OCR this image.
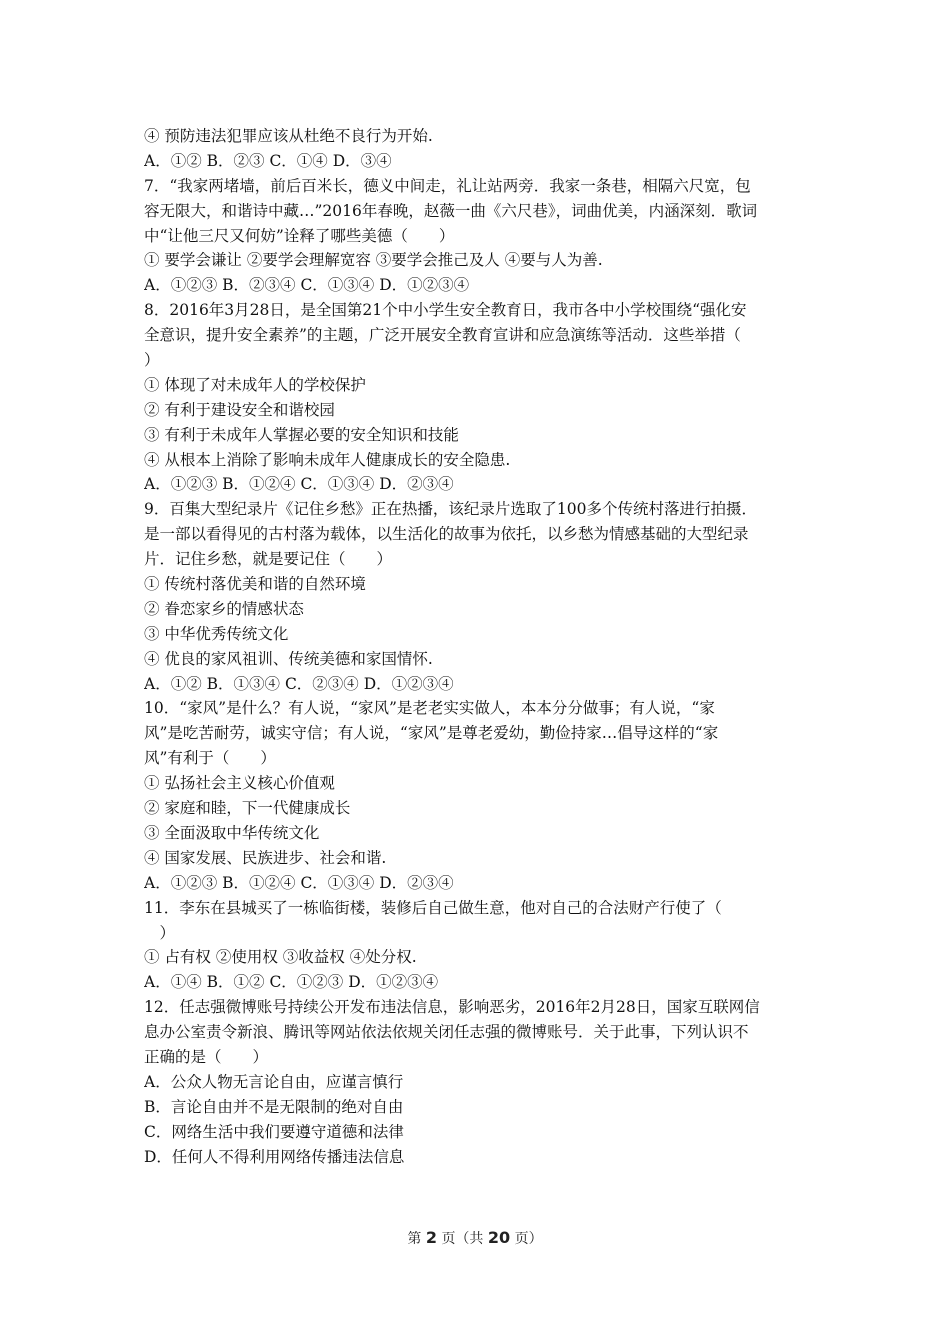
④ 预防违法犯罪应该从杜绝不良行为开始.
A．①② B．②③ C．①④ D．③④
7．“我家两堵墙，前后百米长，德义中间走，礼让站两旁．我家一条巷，相隔六尺宽，包
容无限大，和谐诗中藏…”2016年春晚，赵薇一曲《六尺巷》，词曲优美，内涵深刻．歌词
中“让他三尺又何妨”诠释了哪些美德（　　）
① 要学会谦让 ②要学会理解宽容 ③要学会推己及人 ④要与人为善.
A．①②③ B．②③④ C．①③④ D．①②③④
8．2016年3月28日，是全国第21个中小学生安全教育日，我市各中小学校围绕“强化安
全意识，提升安全素养”的主题，广泛开展安全教育宣讲和应急演练等活动．这些举措（
）
① 体现了对未成年人的学校保护
② 有利于建设安全和谐校园
③ 有利于未成年人掌握必要的安全知识和技能
④ 从根本上消除了影响未成年人健康成长的安全隐患.
A．①②③ B．①②④ C．①③④ D．②③④
9．百集大型纪录片《记住乡愁》正在热播，该纪录片选取了100多个传统村落进行拍摄．
是一部以看得见的古村落为载体，以生活化的故事为依托，以乡愁为情感基础的大型纪录
片．记住乡愁，就是要记住（　　）
① 传统村落优美和谐的自然环境
② 眷恋家乡的情感状态
③ 中华优秀传统文化
④ 优良的家风祖训、传统美德和家国情怀.
A．①② B．①③④ C．②③④ D．①②③④
10．“家风”是什么？有人说，“家风”是老老实实做人，本本分分做事；有人说，“家
风”是吃苦耐劳，诚实守信；有人说，“家风”是尊老爱幼，勤俭持家…倡导这样的“家
风”有利于（　　）
① 弘扬社会主义核心价值观
② 家庭和睦，下一代健康成长
③ 全面汲取中华传统文化
④ 国家发展、民族进步、社会和谐.
A．①②③ B．①②④ C．①③④ D．②③④
11．李东在县城买了一栋临街楼，装修后自己做生意，他对自己的合法财产行使了（
　）
① 占有权 ②使用权 ③收益权 ④处分权.
A．①④ B．①② C．①②③ D．①②③④
12．任志强微博账号持续公开发布违法信息，影响恶劣，2016年2月28日，国家互联网信
息办公室责令新浪、腾讯等网站依法依规关闭任志强的微博账号．关于此事，下列认识不
正确的是（　　）
A．公众人物无言论自由，应谨言慎行
B．言论自由并不是无限制的绝对自由
C．网络生活中我们要遵守道德和法律
D．任何人不得利用网络传播违法信息
第 2 页（共 20 页）
